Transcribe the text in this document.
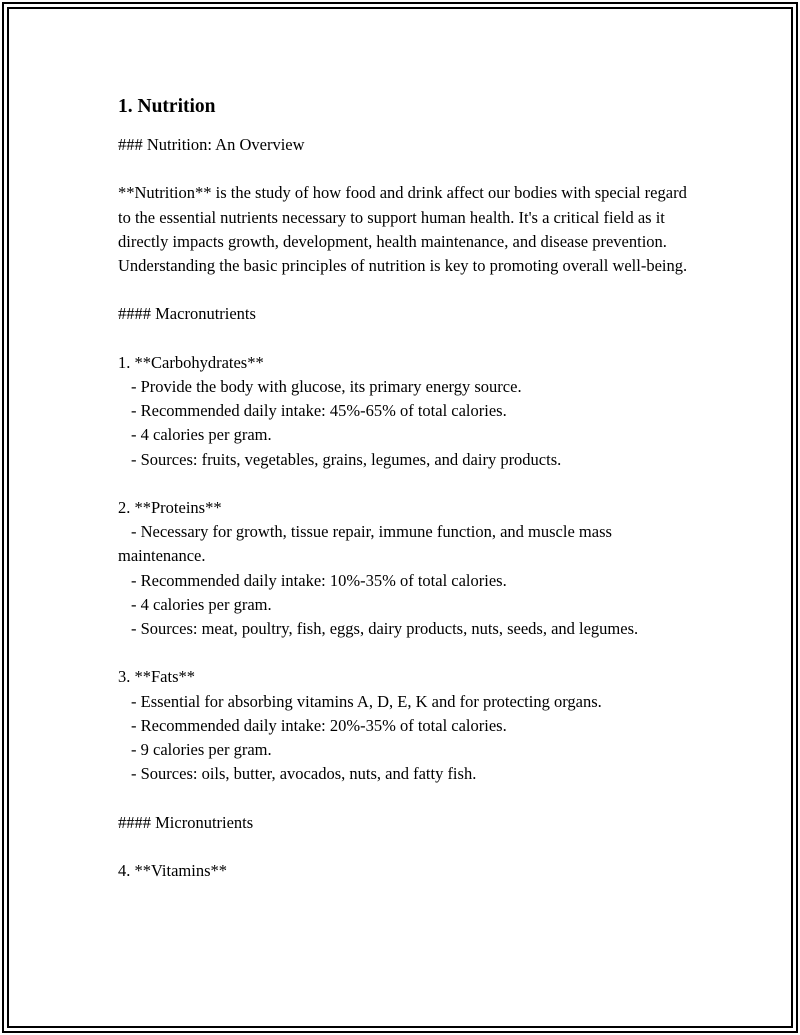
1. Nutrition
### Nutrition: An Overview
**Nutrition** is the study of how food and drink affect our bodies with special regard to the essential nutrients necessary to support human health. It's a critical field as it directly impacts growth, development, health maintenance, and disease prevention. Understanding the basic principles of nutrition is key to promoting overall well-being.
#### Macronutrients
1. **Carbohydrates**
- Provide the body with glucose, its primary energy source.
- Recommended daily intake: 45%-65% of total calories.
- 4 calories per gram.
- Sources: fruits, vegetables, grains, legumes, and dairy products.
2. **Proteins**
- Necessary for growth, tissue repair, immune function, and muscle mass maintenance.
- Recommended daily intake: 10%-35% of total calories.
- 4 calories per gram.
- Sources: meat, poultry, fish, eggs, dairy products, nuts, seeds, and legumes.
3. **Fats**
- Essential for absorbing vitamins A, D, E, K and for protecting organs.
- Recommended daily intake: 20%-35% of total calories.
- 9 calories per gram.
- Sources: oils, butter, avocados, nuts, and fatty fish.
#### Micronutrients
4. **Vitamins**
